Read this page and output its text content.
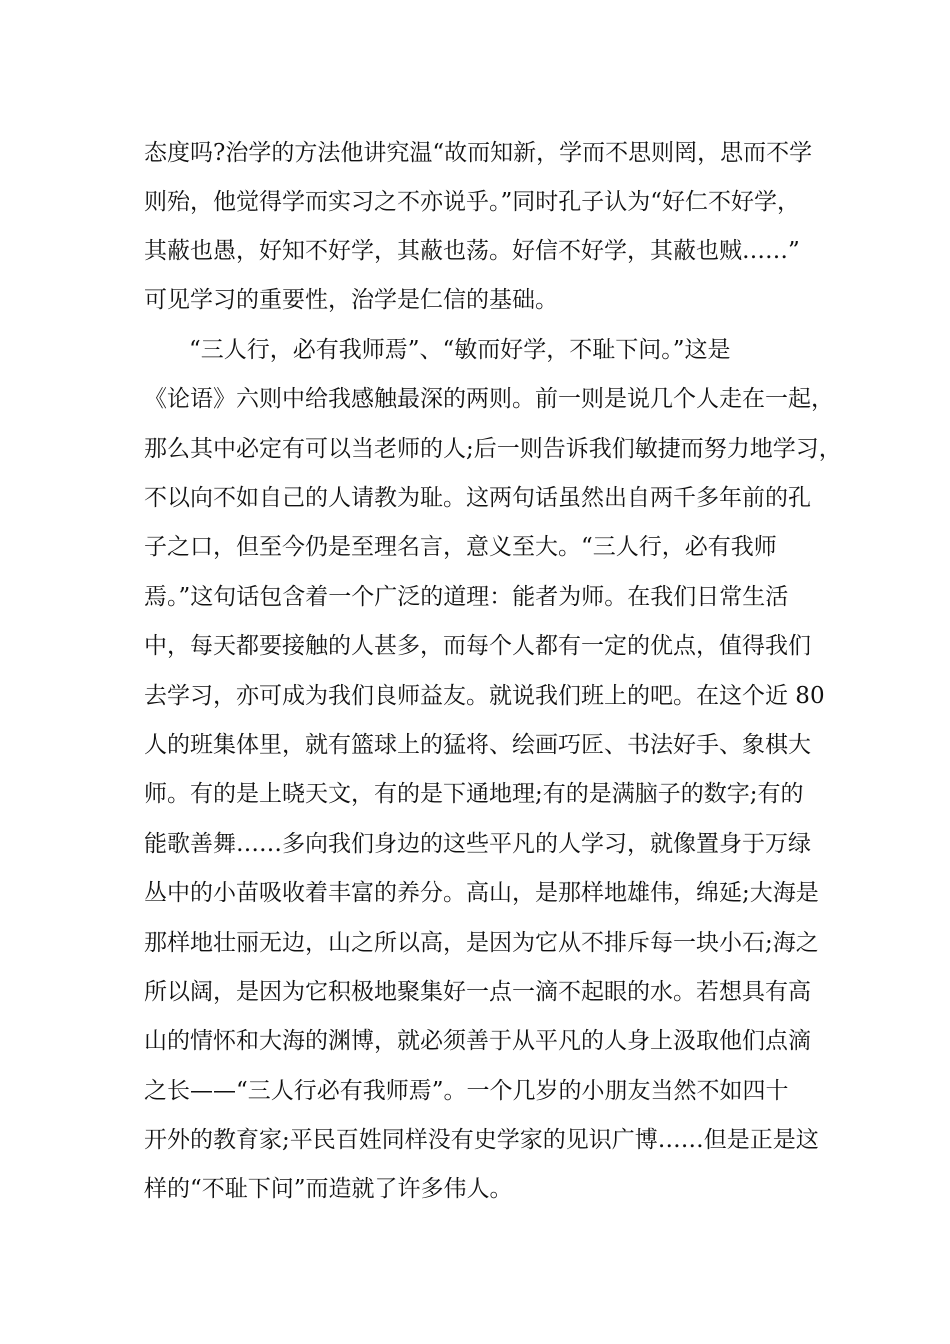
态度吗?治学的方法他讲究温“故而知新，学而不思则罔，思而不学
则殆，他觉得学而实习之不亦说乎。”同时孔子认为“好仁不好学，
其蔽也愚，好知不好学，其蔽也荡。好信不好学，其蔽也贼……”
可见学习的重要性，治学是仁信的基础。
“三人行，必有我师焉”、“敏而好学，不耻下问。”这是
《论语》六则中给我感触最深的两则。前一则是说几个人走在一起，
那么其中必定有可以当老师的人;后一则告诉我们敏捷而努力地学习，
不以向不如自己的人请教为耻。这两句话虽然出自两千多年前的孔
子之口，但至今仍是至理名言，意义至大。“三人行，必有我师
焉。”这句话包含着一个广泛的道理：能者为师。在我们日常生活
中，每天都要接触的人甚多，而每个人都有一定的优点，值得我们
去学习，亦可成为我们良师益友。就说我们班上的吧。在这个近 80
人的班集体里，就有篮球上的猛将、绘画巧匠、书法好手、象棋大
师。有的是上晓天文，有的是下通地理;有的是满脑子的数字;有的
能歌善舞……多向我们身边的这些平凡的人学习，就像置身于万绿
丛中的小苗吸收着丰富的养分。高山，是那样地雄伟，绵延;大海是
那样地壮丽无边，山之所以高，是因为它从不排斥每一块小石;海之
所以阔，是因为它积极地聚集好一点一滴不起眼的水。若想具有高
山的情怀和大海的渊博，就必须善于从平凡的人身上汲取他们点滴
之长——“三人行必有我师焉”。一个几岁的小朋友当然不如四十
开外的教育家;平民百姓同样没有史学家的见识广博……但是正是这
样的“不耻下问”而造就了许多伟人。
